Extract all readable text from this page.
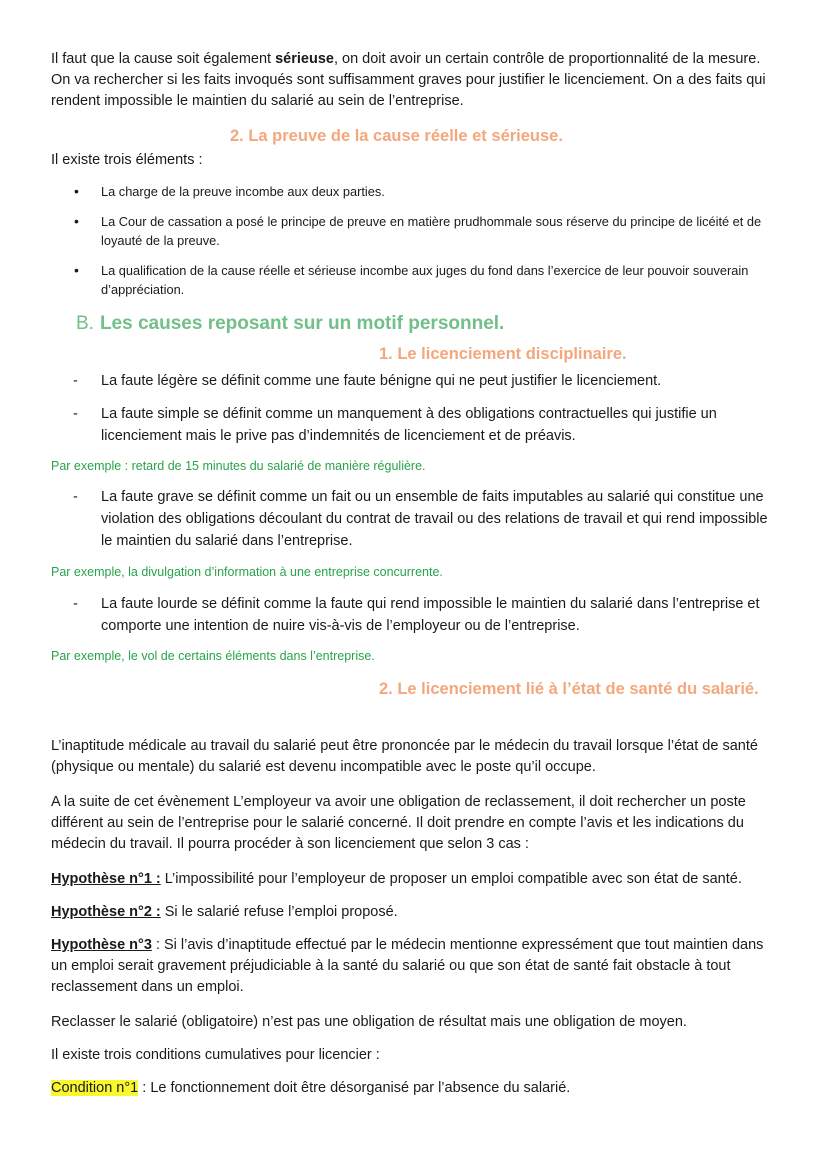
Il faut que la cause soit également sérieuse, on doit avoir un certain contrôle de proportionnalité de la mesure. On va rechercher si les faits invoqués sont suffisamment graves pour justifier le licenciement. On a des faits qui rendent impossible le maintien du salarié au sein de l’entreprise.

2. La preuve de la cause réelle et sérieuse.

Il existe trois éléments :

• La charge de la preuve incombe aux deux parties.

• La Cour de cassation a posé le principe de preuve en matière prudhommale sous réserve du principe de licéité et de loyauté de la preuve.

• La qualification de la cause réelle et sérieuse incombe aux juges du fond dans l’exercice de leur pouvoir souverain d’appréciation.

B. Les causes reposant sur un motif personnel.
1. Le licenciement disciplinaire.
- La faute légère se définit comme une faute bénigne qui ne peut justifier le licenciement.

- La faute simple se définit comme un manquement à des obligations contractuelles qui justifie un licenciement mais le prive pas d’indemnités de licenciement et de préavis.

Par exemple : retard de 15 minutes du salarié de manière régulière.

- La faute grave se définit comme un fait ou un ensemble de faits imputables au salarié qui constitue une violation des obligations découlant du contrat de travail ou des relations de travail et qui rend impossible le maintien du salarié dans l’entreprise.

Par exemple, la divulgation d’information à une entreprise concurrente.

- La faute lourde se définit comme la faute qui rend impossible le maintien du salarié dans l’entreprise et comporte une intention de nuire vis-à-vis de l’employeur ou de l’entreprise.

Par exemple, le vol de certains éléments dans l’entreprise.

2. Le licenciement lié à l’état de santé du salarié.

L’inaptitude médicale au travail du salarié peut être prononcée par le médecin du travail lorsque l’état de santé (physique ou mentale) du salarié est devenu incompatible avec le poste qu’il occupe.

A la suite de cet évènement L’employeur va avoir une obligation de reclassement, il doit rechercher un poste différent au sein de l’entreprise pour le salarié concerné. Il doit prendre en compte l’avis et les indications du médecin du travail. Il pourra procéder à son licenciement que selon 3 cas :

Hypothèse n°1 : L’impossibilité pour l’employeur de proposer un emploi compatible avec son état de santé.

Hypothèse n°2 : Si le salarié refuse l’emploi proposé.

Hypothèse n°3 : Si l’avis d’inaptitude effectué par le médecin mentionne expressément que tout maintien dans un emploi serait gravement préjudiciable à la santé du salarié ou que son état de santé fait obstacle à tout reclassement dans un emploi.

Reclasser le salarié (obligatoire) n’est pas une obligation de résultat mais une obligation de moyen.

Il existe trois conditions cumulatives pour licencier :

Condition n°1 : Le fonctionnement doit être désorganisé par l’absence du salarié.
